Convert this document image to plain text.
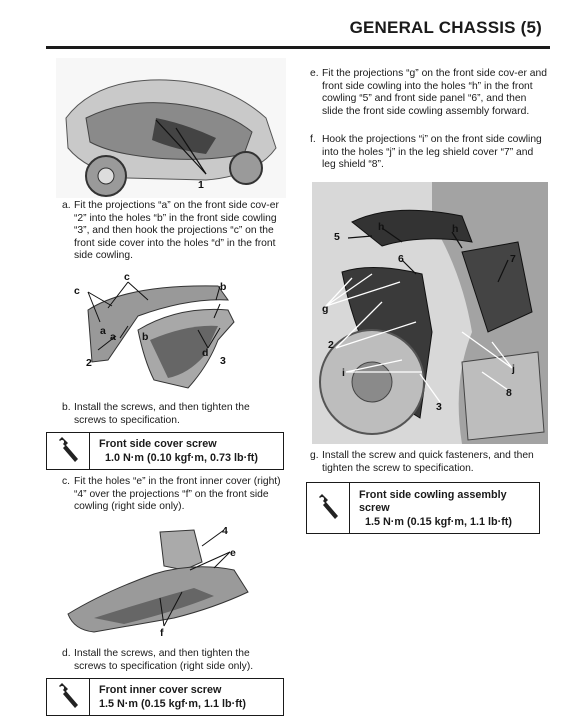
GENERAL CHASSIS (5)
1
a. Fit the projections “a” on the front side cov-er “2” into the holes “b” in the front side cowling “3”, and then hook the projections “c” on the front side cover into the holes “d” in the front side cowling.
c
c	b
a a b
d
2	3
b. Install the screws, and then tighten the screws to specification.
Front side cover screw
1.0 N·m (0.10 kgf·m, 0.73 lb·ft)
c. Fit the holes “e” in the front inner cover (right) “4” over the projections “f” on the front side cowling (right side only).
4
e
f
d. Install the screws, and then tighten the screws to specification (right side only).
Front inner cover screw
1.5 N·m (0.15 kgf·m, 1.1 lb·ft)
e. Fit the projections “g” on the front side cov-er and front side cowling into the holes “h” in the front cowling “5” and front side panel “6”, and then slide the front side cowling assembly forward.
f. Hook the projections “i” on the front side cowling into the holes “j” in the leg shield cover “7” and leg shield “8”.
5
h	h
6	7
g
2
i	j
3
8
g. Install the screw and quick fasteners, and then tighten the screw to specification.
Front side cowling assembly
screw
1.5 N·m (0.15 kgf·m, 1.1 lb·ft)
